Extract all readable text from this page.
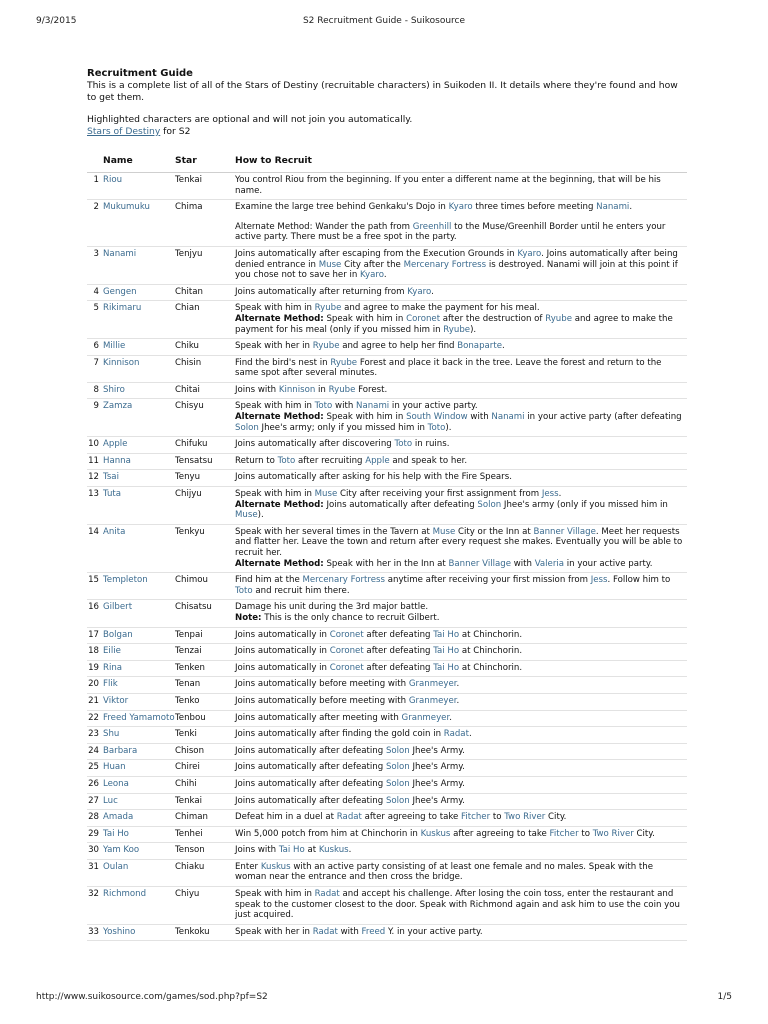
9/3/2015	S2 Recruitment Guide - Suikosource
Recruitment Guide

This is a complete list of all of the Stars of Destiny (recruitable characters) in Suikoden II. It details where they're found and how to get them.

Highlighted characters are optional and will not join you automatically.

Stars of Destiny for S2

	Name	Star	How to Recruit
1	Riou	Tenkai	You control Riou from the beginning. If you enter a different name at the beginning, that will be his name.
2	Mukumuku	Chima	Examine the large tree behind Genkaku's Dojo in Kyaro three times before meeting Nanami.
Alternate Method: Wander the path from Greenhill to the Muse/Greenhill Border until he enters your active party. There must be a free spot in the party.

3	Nanami	Tenjyu	Joins automatically after escaping from the Execution Grounds in Kyaro. Joins automatically after being denied entrance in Muse City after the Mercenary Fortress is destroyed. Nanami will join at this point if you chose not to save her in Kyaro.
4	Gengen	Chitan	Joins automatically after returning from Kyaro.
5	Rikimaru	Chian	Speak with him in Ryube and agree to make the payment for his meal.
Alternate Method: Speak with him in Coronet after the destruction of Ryube and agree to make the payment for his meal (only if you missed him in Ryube).
6	Millie	Chiku	Speak with her in Ryube and agree to help her find Bonaparte.
7	Kinnison	Chisin	Find the bird's nest in Ryube Forest and place it back in the tree. Leave the forest and return to the same spot after several minutes.
8	Shiro	Chitai	Joins with Kinnison in Ryube Forest.
9	Zamza	Chisyu	Speak with him in Toto with Nanami in your active party.
Alternate Method: Speak with him in South Window with Nanami in your active party (after defeating Solon Jhee's army; only if you missed him in Toto).
10	Apple	Chifuku	Joins automatically after discovering Toto in ruins.
11	Hanna	Tensatsu	Return to Toto after recruiting Apple and speak to her.
12	Tsai	Tenyu	Joins automatically after asking for his help with the Fire Spears.
13	Tuta	Chijyu	Speak with him in Muse City after receiving your first assignment from Jess.
Alternate Method: Joins automatically after defeating Solon Jhee's army (only if you missed him in Muse).
14	Anita	Tenkyu	Speak with her several times in the Tavern at Muse City or the Inn at Banner Village. Meet her requests and flatter her. Leave the town and return after every request she makes. Eventually you will be able to recruit her.
Alternate Method: Speak with her in the Inn at Banner Village with Valeria in your active party.
15	Templeton	Chimou	Find him at the Mercenary Fortress anytime after receiving your first mission from Jess. Follow him to Toto and recruit him there.
16	Gilbert	Chisatsu	Damage his unit during the 3rd major battle.
Note: This is the only chance to recruit Gilbert.
17	Bolgan	Tenpai	Joins automatically in Coronet after defeating Tai Ho at Chinchorin.
18	Eilie	Tenzai	Joins automatically in Coronet after defeating Tai Ho at Chinchorin.
19	Rina	Tenken	Joins automatically in Coronet after defeating Tai Ho at Chinchorin.
20	Flik	Tenan	Joins automatically before meeting with Granmeyer.
21	Viktor	Tenko	Joins automatically before meeting with Granmeyer.
22	Freed Yamamoto	Tenbou	Joins automatically after meeting with Granmeyer.
23	Shu	Tenki	Joins automatically after finding the gold coin in Radat.
24	Barbara	Chison	Joins automatically after defeating Solon Jhee's Army.
25	Huan	Chirei	Joins automatically after defeating Solon Jhee's Army.
26	Leona	Chihi	Joins automatically after defeating Solon Jhee's Army.
27	Luc	Tenkai	Joins automatically after defeating Solon Jhee's Army.
28	Amada	Chiman	Defeat him in a duel at Radat after agreeing to take Fitcher to Two River City.
29	Tai Ho	Tenhei	Win 5,000 potch from him at Chinchorin in Kuskus after agreeing to take Fitcher to Two River City.
30	Yam Koo	Tenson	Joins with Tai Ho at Kuskus.
31	Oulan	Chiaku	Enter Kuskus with an active party consisting of at least one female and no males. Speak with the woman near the entrance and then cross the bridge.
32	Richmond	Chiyu	Speak with him in Radat and accept his challenge. After losing the coin toss, enter the restaurant and speak to the customer closest to the door. Speak with Richmond again and ask him to use the coin you just acquired.
33	Yoshino	Tenkoku	Speak with her in Radat with Freed Y. in your active party.
http://www.suikosource.com/games/sod.php?pf=S2	1/5
